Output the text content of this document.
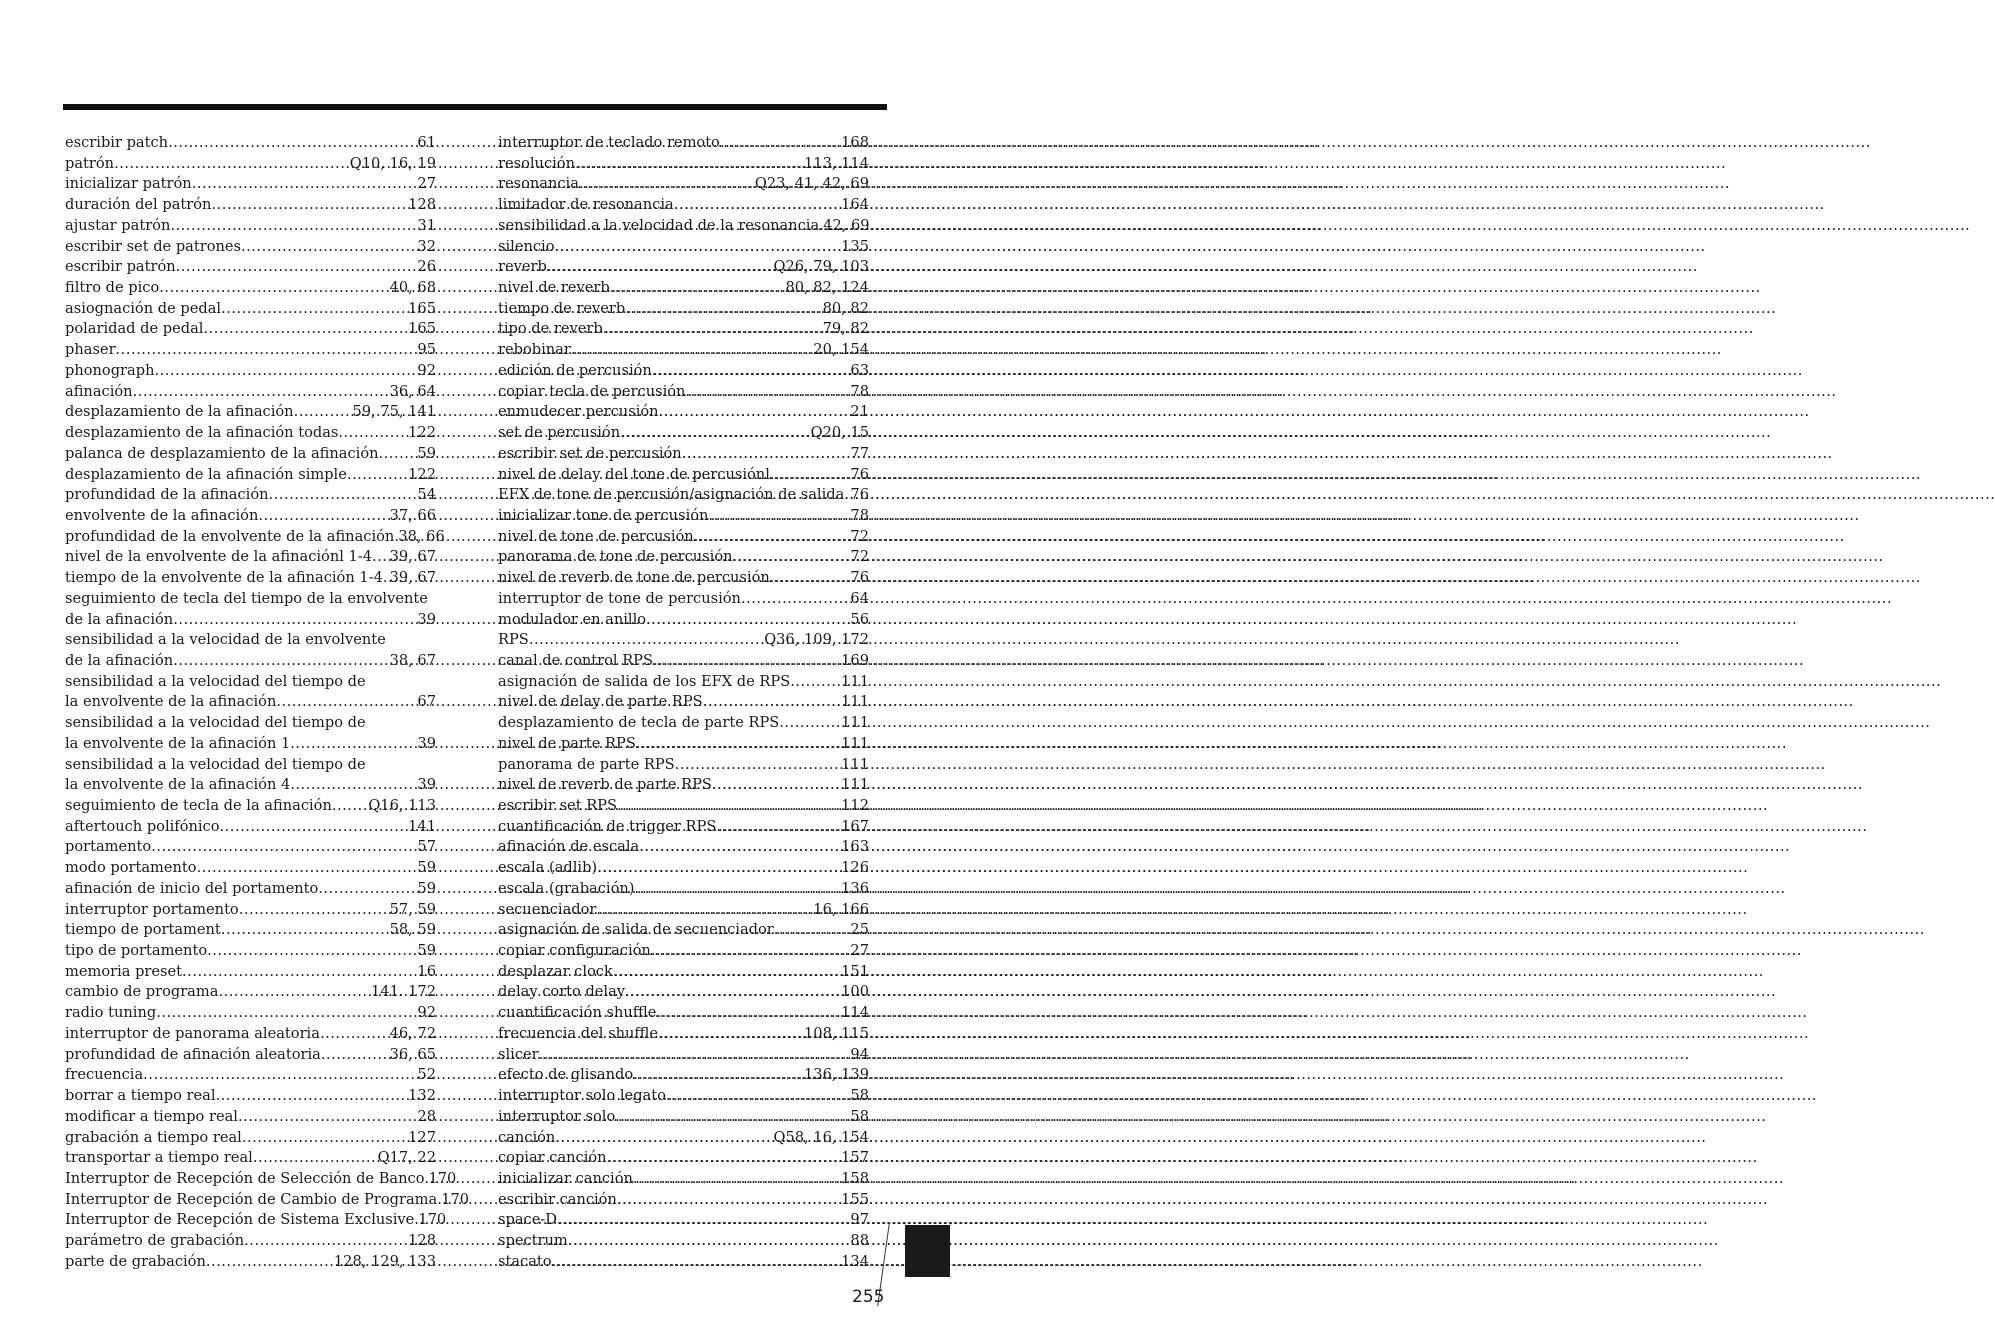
escribir patch .....	61
patrón .....	Q10, 16, 19
inicializar patrón .....	27
duración del patrón .....	128
ajustar patrón .....	31
escribir set de patrones .....	32
escribir patrón .....	26
filtro de pico .....	40, 68
asiognación de pedal .....	165
polaridad de pedal .....	165
phaser .....	95
phonograph .....	92
afinación .....	36, 64
desplazamiento de la afinación .....	59, 75, 141
desplazamiento de la afinación todas .....	122
palanca de desplazamiento de la afinación .....	59
desplazamiento de la afinación simple .....	122
profundidad de la afinación .....	54
envolvente de la afinación .....	37, 66
profundidad de la envolvente de la afinación ..... 38, 66
nivel de la envolvente de la afinaciónl 1-4 ..... 39, 67
tiempo de la envolvente de la afinación 1-4 ..... 39, 67
seguimiento de tecla del tiempo de la envolvente
de la afinación .....	39
sensibilidad a la velocidad de la envolvente
de la afinación .....	38, 67
sensibilidad a la velocidad del tiempo de
la envolvente de la afinación .....	67
sensibilidad a la velocidad del tiempo de
la envolvente de la afinación 1 .....	39
sensibilidad a la velocidad del tiempo de
la envolvente de la afinación 4 .....	39
seguimiento de tecla de la afinación ..... Q16, 113
aftertouch polifónico .....	141
portamento .....	57
modo portamento .....	59
afinación de inicio del portamento .....	59
interruptor portamento .....	57, 59
tiempo de portament .....	58, 59
tipo de portamento .....	59
memoria preset .....	16
cambio de programa .....	141. 172
radio tuning .....	92
interruptor de panorama aleatoria .....	46, 72
profundidad de afinación aleatoria .....	36, 65
frecuencia .....	52
borrar a tiempo real .....	132
modificar a tiempo real .....	28
grabación a tiempo real .....	127
transportar a tiempo real .....	Q17, 22
Interruptor de Recepción de Selección de Banco ..... 170
Interruptor de Recepción de Cambio de Programa ..... 170
Interruptor de Recepción de Sistema Exclusive ..... 170
parámetro de grabación .....	128
parte de grabación .....	128, 129, 133
interruptor de teclado remoto .....	168
resolución .....	113, 114
resonancia .....	Q23, 41, 42, 69
limitador de resonancia .....	164
sensibilidad a la velocidad de la resonancia ..... 42, 69
silencio .....	135
reverb .....	Q26, 79, 103
nivel de reverb .....	80, 82, 124
tiempo de reverb .....	80, 82
tipo de reverb .....	79, 82
rebobinar .....	20, 154
edición de percusión .....	63
copiar tecla de percusión .....	78
enmudecer percusión .....	21
set de percusión .....	Q20, 15
escribir set de percusión .....	77
nivel de delay del tone de percusiónl .....	76
EFX de tone de percusión/asignación de salida ..... 76
inicializar tone de percusión .....	78
nivel de tone de percusión .....	72
panorama de tone de percusión .....	72
nivel de reverb de tone de percusión .....	76
interruptor de tone de percusión .....	64
modulador en anillo .....	56
RPS .....	Q36, 109, 172
canal de control RPS .....	169
asignación de salida de los EFX de RPS .....	111
nivel de delay de parte RPS .....	111
desplazamiento de tecla de parte RPS .....	111
nivel de parte RPS .....	111
panorama de parte RPS .....	111
nivel de reverb de parte RPS .....	111
escribir set RPS .....	112
cuantificación de trigger RPS .....	167
afinación de escala .....	163
escala (adlib) .....	126
escala (grabación) .....	136
secuenciador .....	16, 166
asignación de salida de secuenciador .....	25
copiar configuración .....	27
desplazar clock .....	151
delay corto delay .....	100
cuantificación shuffle .....	114
frecuencia del shuffle .....	108, 115
slicer .....	94
efecto de glisando .....	136, 139
interruptor solo legato .....	58
interruptor solo .....	58
canción .....	Q58, 16, 154
copiar canción .....	157
inicializar canción .....	158
escribir canción .....	155
space-D .....	97
spectrum .....	88
stacato .....	134
255
